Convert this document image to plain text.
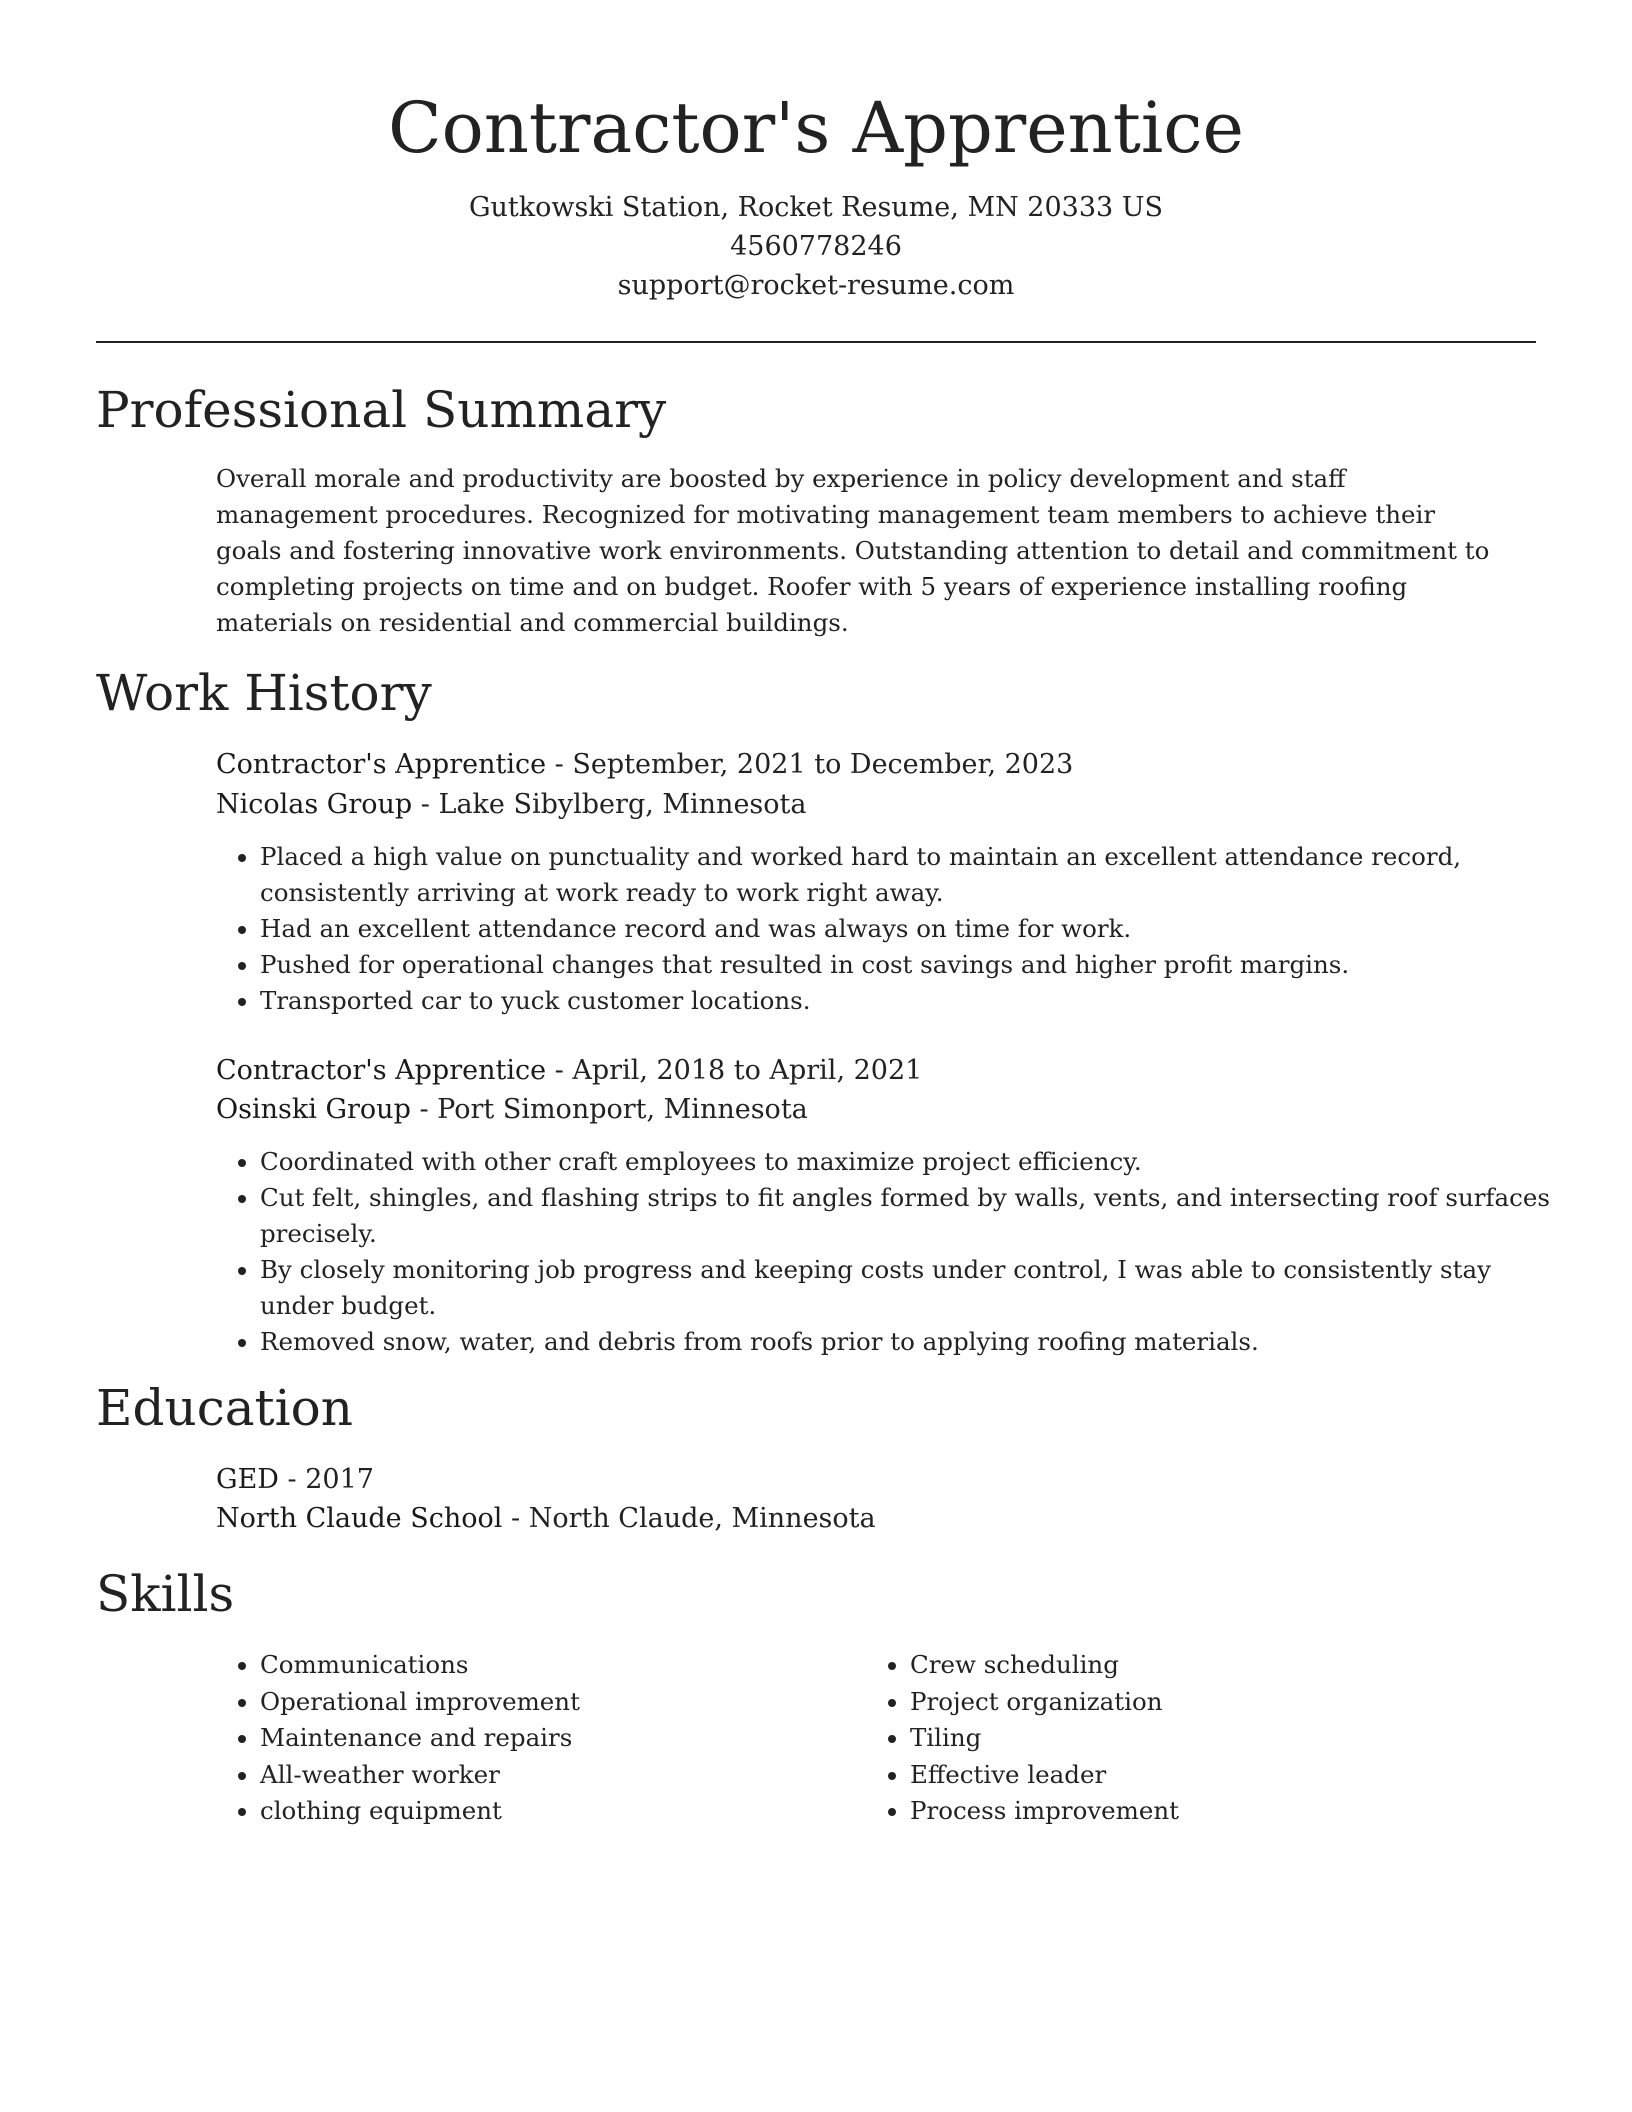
Contractor's Apprentice

Gutkowski Station, Rocket Resume, MN 20333 US

4560778246

support@rocket-resume.com

Professional Summary

Overall morale and productivity are boosted by experience in policy development and staff management procedures. Recognized for motivating management team members to achieve their goals and fostering innovative work environments. Outstanding attention to detail and commitment to completing projects on time and on budget. Roofer with 5 years of experience installing roofing materials on residential and commercial buildings.

Work History
Contractor's Apprentice - September, 2021 to December, 2023
Nicolas Group - Lake Sibylberg, Minnesota
• Placed a high value on punctuality and worked hard to maintain an excellent attendance record, consistently arriving at work ready to work right away.
• Had an excellent attendance record and was always on time for work.
• Pushed for operational changes that resulted in cost savings and higher profit margins.
• Transported car to yuck customer locations.
Contractor's Apprentice - April, 2018 to April, 2021
Osinski Group - Port Simonport, Minnesota
• Coordinated with other craft employees to maximize project efficiency.
• Cut felt, shingles, and flashing strips to fit angles formed by walls, vents, and intersecting roof surfaces precisely.
• By closely monitoring job progress and keeping costs under control, I was able to consistently stay under budget.
• Removed snow, water, and debris from roofs prior to applying roofing materials.
Education
GED - 2017
North Claude School - North Claude, Minnesota
Skills
• Communications
• Operational improvement
• Maintenance and repairs
• All-weather worker
• clothing equipment
• Crew scheduling
• Project organization
• Tiling
• Effective leader
• Process improvement
